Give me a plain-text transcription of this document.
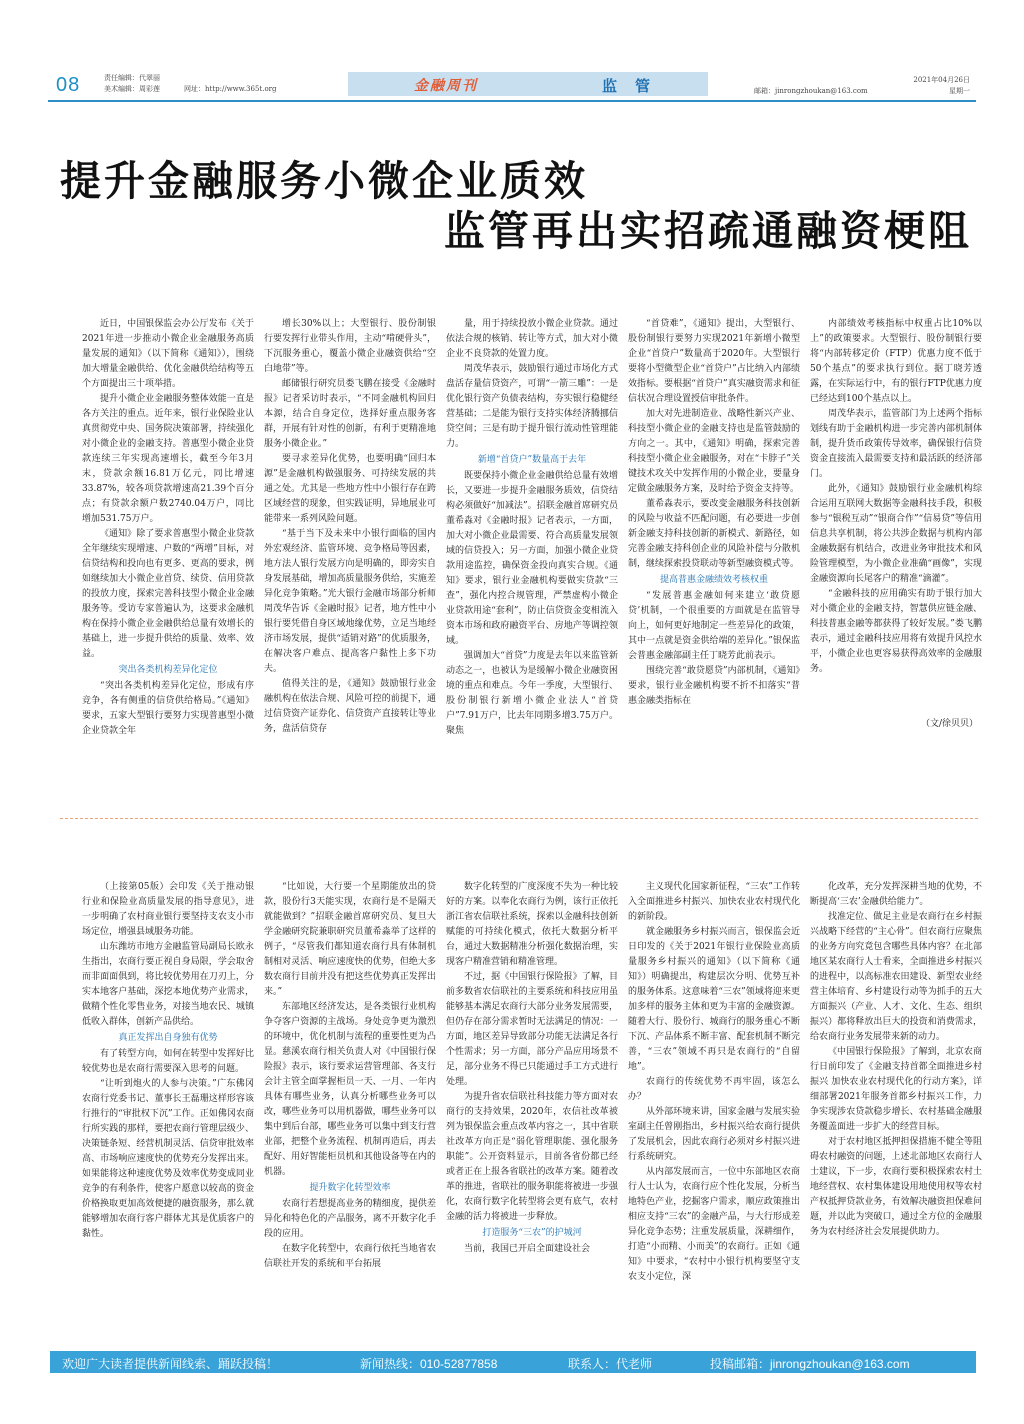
08	责任编辑：代翠丽
美术编辑：周彩莲	网址：http://www.365t.org	金融周刊	监管	邮箱：jinrongzhoukan@163.com
2021年04月26日
星期一
提升金融服务小微企业质效
监管再出实招疏通融资梗阻

近日，中国银保监会办公厅发布《关于2021年进一步推动小微企业金融服务高质量发展的通知》（以下简称《通知》），围绕加大增量金融供给、优化金融供给结构等五个方面提出三十项举措。

提升小微企业金融服务整体效能一直是各方关注的重点。近年来，银行业保险业认真贯彻党中央、国务院决策部署，持续强化对小微企业的金融支持。普惠型小微企业贷款连续三年实现高速增长，截至今年3月末，贷款余额16.81万亿元，同比增速33.87%，较各项贷款增速高21.39个百分点；有贷款余额户数2740.04万户，同比增加531.75万户。

《通知》除了要求普惠型小微企业贷款全年继续实现增速、户数的“两增”目标，对信贷结构和投向也有更多、更高的要求，例如继续加大小微企业首贷、续贷、信用贷款的投放力度，探索完善科技型小微企业金融服务等。受访专家普遍认为，这要求金融机构在保持小微企业金融供给总量有效增长的基础上，进一步提升供给的质量、效率、效益。

突出各类机构差异化定位

“突出各类机构差异化定位，形成有序竞争，各有侧重的信贷供给格局。”《通知》要求，五家大型银行要努力实现普惠型小微企业贷款全年

增长30%以上；大型银行、股份制银行要发挥行业带头作用，主动“啃硬骨头”，下沉服务重心，覆盖小微企业融资供给“空白地带”等。

邮储银行研究员娄飞鹏在接受《金融时报》记者采访时表示，“不同金融机构回归本源，结合自身定位，选择好重点服务客群，开展有针对性的创新，有利于更精准地服务小微企业。”

要寻求差异化优势，也要明确“回归本源”是金融机构做强服务、可持续发展的共通之处。尤其是一些地方性中小银行存在跨区域经营的现象，但实践证明，异地展业可能带来一系列风险问题。

“基于当下及未来中小银行面临的国内外宏观经济、监管环境、竞争格局等因素，地方法人银行发展方向是明确的，即旁实自身发展基础，增加高质量服务供给，实施差异化竞争策略。”光大银行金融市场部分析师周茂华告诉《金融时报》记者，地方性中小银行要凭借自身区域地缘优势，立足当地经济市场发展，提供“适销对路”的优质服务，在解决客户难点、提高客户黏性上多下功夫。

值得关注的是，《通知》鼓励银行业金融机构在依法合规、风险可控的前提下，通过信贷资产证券化、信贷资产直接转让等业务，盘活信贷存

量，用于持续投放小微企业贷款。通过依法合规的核销、转让等方式，加大对小微企业不良贷款的处置力度。

周茂华表示，鼓励银行通过市场化方式盘活存量信贷资产，可谓“一箭三雕”：一是优化银行资产负债表结构，夯实银行稳健经营基础；二是能为银行支持实体经济腾挪信贷空间；三是有助于提升银行流动性管理能力。

新增“首贷户”数量高于去年

既要保持小微企业金融供给总量有效增长，又要进一步提升金融服务质效，信贷结构必须做好“加减法”。招联金融首席研究员董希淼对《金融时报》记者表示，一方面，加大对小微企业最需要、符合高质量发展领域的信贷投入；另一方面，加强小微企业贷款用途监控，确保资金投向真实合规。《通知》要求，银行业金融机构要做实贷款“三查”，强化内控合规管理，严禁虚构小微企业贷款用途“套利”，防止信贷资金变相流入资本市场和政府融资平台、房地产等调控领域。

强调加大“首贷”力度是去年以来监管新动态之一，也被认为是缓解小微企业融资困境的重点和难点。今年一季度，大型银行、股份制银行新增小微企业法人“首贷户”7.91万户，比去年同期多增3.75万户。聚焦

“首贷难”，《通知》提出，大型银行、股份制银行要努力实现2021年新增小微型企业“首贷户”数量高于2020年。大型银行要将小型微型企业“首贷户”占比纳入内部绩效指标。要根据“首贷户”真实融资需求和征信状况合理设置授信审批条件。

加大对先进制造业、战略性新兴产业、科技型小微企业的金融支持也是监管鼓励的方向之一。其中，《通知》明确，探索完善科技型小微企业金融服务，对在“卡脖子”关键技术攻关中发挥作用的小微企业，要量身定做金融服务方案，及时给予资金支持等。

董希淼表示，要改变金融服务科技创新的风险与收益不匹配问题，有必要进一步创新金融支持科技创新的新模式、新路径，如完善金融支持科创企业的风险补偿与分散机制，继续探索投贷联动等新型融资模式等。

提高普惠金融绩效考核权重

“发展普惠金融如何来建立‘敢贷愿贷’机制，一个很重要的方面就是在监管导向上，如何更好地制定一些差异化的政策，其中一点就是资金供给端的差异化。”银保监会普惠金融部副主任丁晓芳此前表示。

围绕完善“敢贷愿贷”内部机制，《通知》要求，银行业金融机构要不折不扣落实“普惠金融类指标在

内部绩效考核指标中权重占比10%以上”的政策要求。大型银行、股份制银行要将“内部转移定价（FTP）优惠力度不低于50个基点”的要求执行到位。据丁晓芳透露，在实际运行中，有的银行FTP优惠力度已经达到100个基点以上。

周茂华表示，监管部门为上述两个指标划线有助于金融机构进一步完善内部机制体制，提升货币政策传导效率，确保银行信贷资金直接流入最需要支持和最活跃的经济部门。

此外，《通知》鼓励银行业金融机构综合运用互联网大数据等金融科技手段，积极参与“银税互动”“银商合作”“信易贷”等信用信息共享机制，将公共涉企数据与机构内部金融数据有机结合，改进业务审批技术和风险管理模型，为小微企业准确“画像”，实现金融资源向长尾客户的精准“滴灌”。

“金融科技的应用确实有助于银行加大对小微企业的金融支持，智慧供应链金融、科技普惠金融等都获得了较好发展。”娄飞鹏表示，通过金融科技应用将有效提升风控水平，小微企业也更容易获得高效率的金融服务。

（文/徐贝贝）

（上接第05版）会印发《关于推动银行业和保险业高质量发展的指导意见》，进一步明确了农村商业银行要坚持支农支小市场定位，增强县域服务功能。

山东潍坊市地方金融监管局副局长欧永生指出，农商行要正视自身局限，学会取舍而非面面俱到，将比较优势用在刀刃上，分实本地客户基础，深挖本地优势产业需求，做精个性化零售业务，对接当地农民、城镇低收入群体，创新产品供给。

真正发挥出自身独有优势

有了转型方向，如何在转型中发挥好比较优势也是农商行需要深入思考的问题。

“让听到炮火的人参与决策。”广东佛冈农商行党委书记、董事长王磊珊这样形容该行推行的“审批权下沉”工作。正如佛冈农商行所实践的那样，要把农商行管理层级少、决策链条短、经营机制灵活、信贷审批效率高、市场响应速度快的优势充分发挥出来。如果能将这种速度优势及效率优势变成同业竞争的有利条件，使客户愿意以较高的资金价格换取更加高效便捷的融资服务，那么就能够增加农商行客户群体尤其是优质客户的黏性。

“比如说，大行要一个星期能放出的贷款，股份行3天能实现，农商行是不是隔天就能做到？”招联金融首席研究员、复旦大学金融研究院兼职研究员董希淼举了这样的例子，“尽管我们都知道农商行具有体制机制相对灵活、响应速度快的优势，但绝大多数农商行目前并没有把这些优势真正发挥出来。”

东部地区经济发达，是各类银行业机构争夺客户资源的主战场。身处竞争更为激烈的环境中，优化机制与流程的重要性更为凸显。慈溪农商行相关负责人对《中国银行保险报》表示，该行要求运营管理部、各支行会计主管全面掌握柜员一天、一月、一年内具体有哪些业务，认真分析哪些业务可以改，哪些业务可以用机器做，哪些业务可以集中到后台部，哪些业务可以集中到支行营业部，把整个业务流程、机制再造后，再去配好、用好智能柜员机和其他设备等在内的机器。

提升数字化转型效率

农商行若想提高业务的精细度，提供差异化和特色化的产品服务，离不开数字化手段的应用。

在数字化转型中，农商行依托当地省农信联社开发的系统和平台拓展

数字化转型的广度深度不失为一种比较好的方案。以奉化农商行为例，该行正依托浙江省农信联社系统，探索以金融科技创新赋能的可持续化模式，依托大数据分析平台，通过大数据精准分析强化数据治理，实现客户精准营销和精准管理。

不过，据《中国银行保险报》了解，目前多数省农信联社的主要系统和科技应用虽能够基本满足农商行大部分业务发展需要，但仍存在部分需求暂时无法满足的情况：一方面，地区差异导致部分功能无法满足各行个性需求；另一方面，部分产品应用场景不足，部分业务不得已只能通过手工方式进行处理。

为提升省农信联社科技能力等方面对农商行的支持效果，2020年，农信社改革被列为银保监会重点改革内容之一，其中省联社改革方向正是“弱化管理职能、强化服务职能”。公开资料显示，目前各省份都已经或者正在上报各省联社的改革方案。随着改革的推进，省联社的服务职能将被进一步强化，农商行数字化转型将会更有底气，农村金融的活力将被进一步释放。

打造服务“三农”的护城河

当前，我国已开启全面建设社会

主义现代化国家新征程，“三农”工作转入全面推进乡村振兴、加快农业农村现代化的新阶段。

就金融服务乡村振兴而言，银保监会近日印发的《关于2021年银行业保险业高质量服务乡村振兴的通知》（以下简称《通知》）明确提出，构建层次分明、优势互补的服务体系。这意味着“三农”领域将迎来更加多样的服务主体和更为丰富的金融资源。随着大行、股份行、城商行的服务重心不断下沉、产品体系不断丰富、配套机制不断完善，“三农”领域不再只是农商行的“自留地”。

农商行的传统优势不再牢固，该怎么办？

从外部环境来讲，国家金融与发展实验室副主任曾刚指出，乡村振兴给农商行提供了发展机会，因此农商行必须对乡村振兴进行系统研究。

从内部发展而言，一位中东部地区农商行人士认为，农商行应个性化发展，分析当地特色产业，挖掘客户需求，顺应政策推出相应支持“三农”的金融产品，与大行形成差异化竞争态势；注重发展质量，深耕细作，打造“小而精、小而美”的农商行。正如《通知》中要求，“农村中小银行机构要坚守支农支小定位，深

化改革，充分发挥深耕当地的优势，不断提高‘三农’金融供给能力”。

找准定位、做足主业是农商行在乡村振兴战略下经营的“主心骨”。但农商行应聚焦的业务方向究竟包含哪些具体内容？在北部地区某农商行人士看来，全面推进乡村振兴的进程中，以高标准农田建设、新型农业经营主体培育、乡村建设行动等为抓手的五大方面振兴（产业、人才、文化、生态、组织振兴）都将释放出巨大的投资和消费需求，给农商行业务发展带来新的动力。

《中国银行保险报》了解到，北京农商行日前印发了《金融支持首都全面推进乡村振兴 加快农业农村现代化的行动方案》，详细部署2021年服务首都乡村振兴工作，力争实现涉农贷款稳步增长、农村基础金融服务覆盖面进一步扩大的经营目标。

对于农村地区抵押担保措施不健全等阻碍农村融资的问题，上述北部地区农商行人士建议，下一步，农商行要积极探索农村土地经营权、农村集体建设用地使用权等农村产权抵押贷款业务，有效解决融资担保难问题，并以此为突破口，通过全方位的金融服务为农村经济社会发展提供助力。

欢迎广大读者提供新闻线索、踊跃投稿！	新闻热线：010-52877858	联系人：代老师	投稿邮箱：jinrongzhoukan@163.com
